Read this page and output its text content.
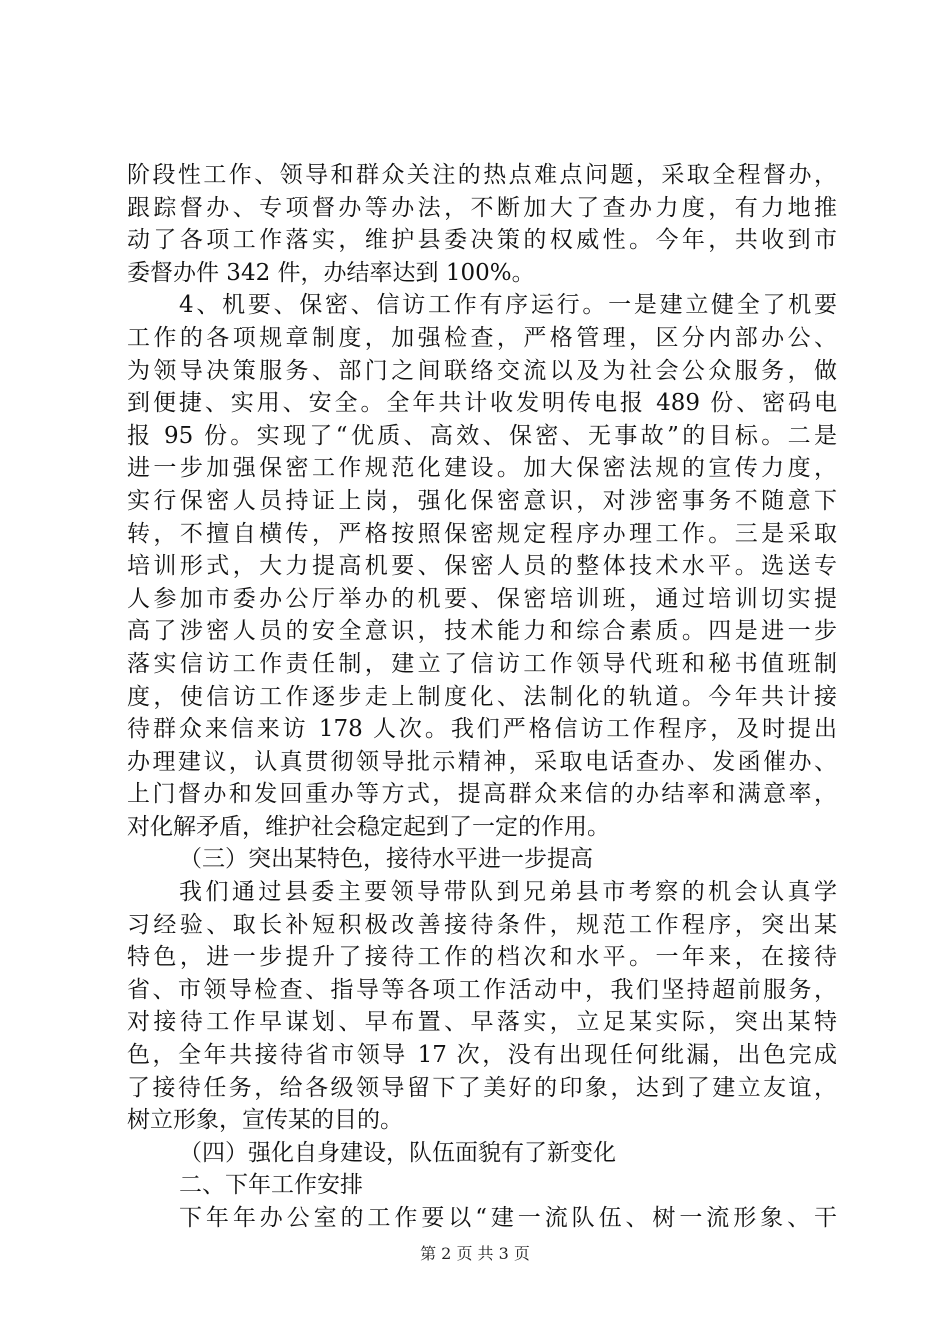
阶段性工作、领导和群众关注的热点难点问题，采取全程督办，
跟踪督办、专项督办等办法，不断加大了查办力度，有力地推
动了各项工作落实，维护县委决策的权威性。今年，共收到市
委督办件 342 件，办结率达到 100%。
4、机要、保密、信访工作有序运行。一是建立健全了机要
工作的各项规章制度，加强检查，严格管理，区分内部办公、
为领导决策服务、部门之间联络交流以及为社会公众服务，做
到便捷、实用、安全。全年共计收发明传电报 489 份、密码电
报 95 份。实现了“优质、高效、保密、无事故”的目标。二是
进一步加强保密工作规范化建设。加大保密法规的宣传力度，
实行保密人员持证上岗，强化保密意识，对涉密事务不随意下
转，不擅自横传，严格按照保密规定程序办理工作。三是采取
培训形式，大力提高机要、保密人员的整体技术水平。选送专
人参加市委办公厅举办的机要、保密培训班，通过培训切实提
高了涉密人员的安全意识，技术能力和综合素质。四是进一步
落实信访工作责任制，建立了信访工作领导代班和秘书值班制
度，使信访工作逐步走上制度化、法制化的轨道。今年共计接
待群众来信来访 178 人次。我们严格信访工作程序，及时提出
办理建议，认真贯彻领导批示精神，采取电话查办、发函催办、
上门督办和发回重办等方式，提高群众来信的办结率和满意率，
对化解矛盾，维护社会稳定起到了一定的作用。
（三）突出某特色，接待水平进一步提高
我们通过县委主要领导带队到兄弟县市考察的机会认真学
习经验、取长补短积极改善接待条件，规范工作程序，突出某
特色，进一步提升了接待工作的档次和水平。一年来，在接待
省、市领导检查、指导等各项工作活动中，我们坚持超前服务，
对接待工作早谋划、早布置、早落实，立足某实际，突出某特
色，全年共接待省市领导 17 次，没有出现任何纰漏，出色完成
了接待任务，给各级领导留下了美好的印象，达到了建立友谊，
树立形象，宣传某的目的。
（四）强化自身建设，队伍面貌有了新变化
二、下年工作安排
下年年办公室的工作要以“建一流队伍、树一流形象、干
第 2 页 共 3 页
